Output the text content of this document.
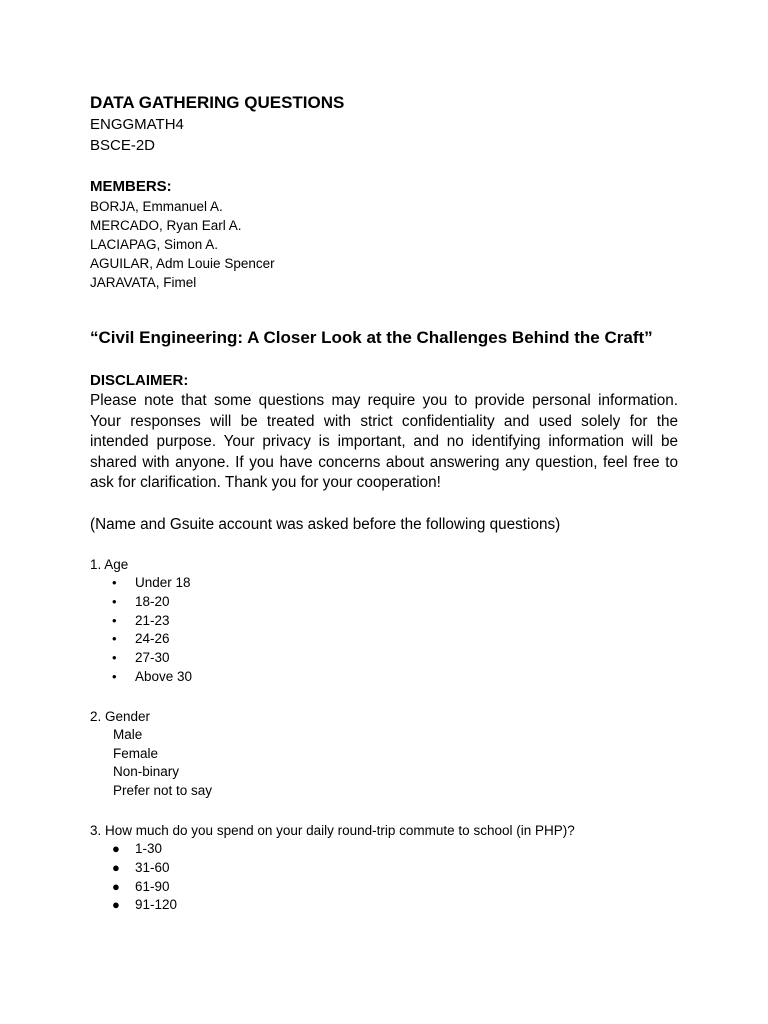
DATA GATHERING QUESTIONS

ENGGMATH4

BSCE-2D

MEMBERS:

BORJA, Emmanuel A.
MERCADO, Ryan Earl A.
LACIAPAG, Simon A.
AGUILAR, Adm Louie Spencer
JARAVATA, Fimel
“Civil Engineering: A Closer Look at the Challenges Behind the Craft”

DISCLAIMER:

Please note that some questions may require you to provide personal information. Your responses will be treated with strict confidentiality and used solely for the intended purpose. Your privacy is important, and no identifying information will be shared with anyone. If you have concerns about answering any question, feel free to ask for clarification. Thank you for your cooperation!

(Name and Gsuite account was asked before the following questions)

1. Age

• Under 18
• 18-20
• 21-23
• 24-26
• 27-30
• Above 30

2. Gender

Male
Female
Non-binary
Prefer not to say

3. How much do you spend on your daily round-trip commute to school (in PHP)?

● 1-30
● 31-60
● 61-90
● 91-120
